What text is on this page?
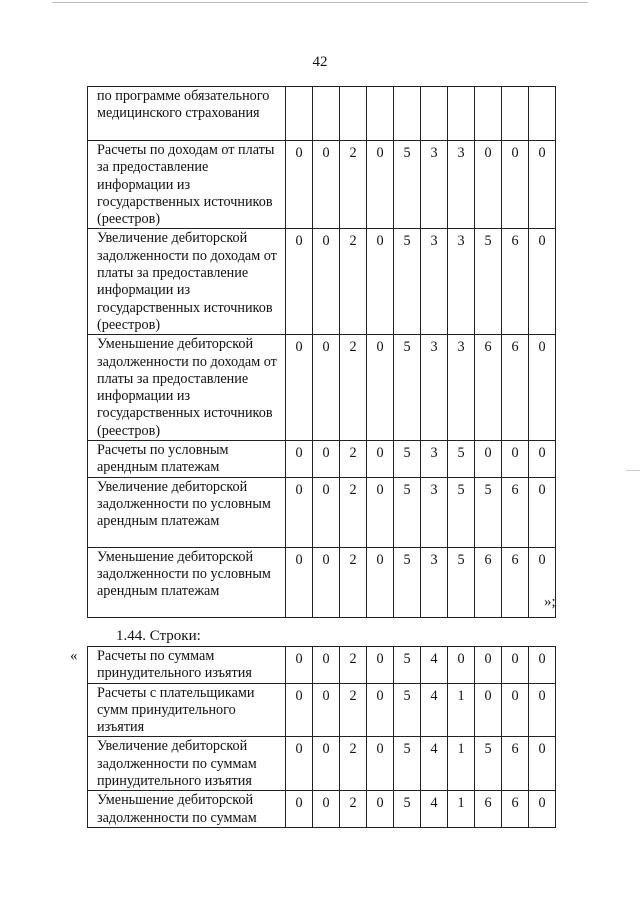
42
по программе обязательного медицинского страхования										
Расчеты по доходам от платы за предоставление информации из государственных источников (реестров)	0	0	2	0	5	3	3	0	0	0
Увеличение дебиторской задолженности по доходам от платы за предоставление информации из государственных источников (реестров)	0	0	2	0	5	3	3	5	6	0
Уменьшение дебиторской задолженности по доходам от платы за предоставление информации из государственных источников (реестров)	0	0	2	0	5	3	3	6	6	0
Расчеты по условным арендным платежам	0	0	2	0	5	3	5	0	0	0
Увеличение дебиторской задолженности по условным арендным платежам	0	0	2	0	5	3	5	5	6	0
Уменьшение дебиторской задолженности по условным арендным платежам	0	0	2	0	5	3	5	6	6	0
»;
1.44. Строки:
« Расчеты по суммам принудительного изъятия	0	0	2	0	5	4	0	0	0	0
Расчеты с плательщиками сумм принудительного изъятия	0	0	2	0	5	4	1	0	0	0
Увеличение дебиторской задолженности по суммам принудительного изъятия	0	0	2	0	5	4	1	5	6	0
Уменьшение дебиторской задолженности по суммам	0	0	2	0	5	4	1	6	6	0
